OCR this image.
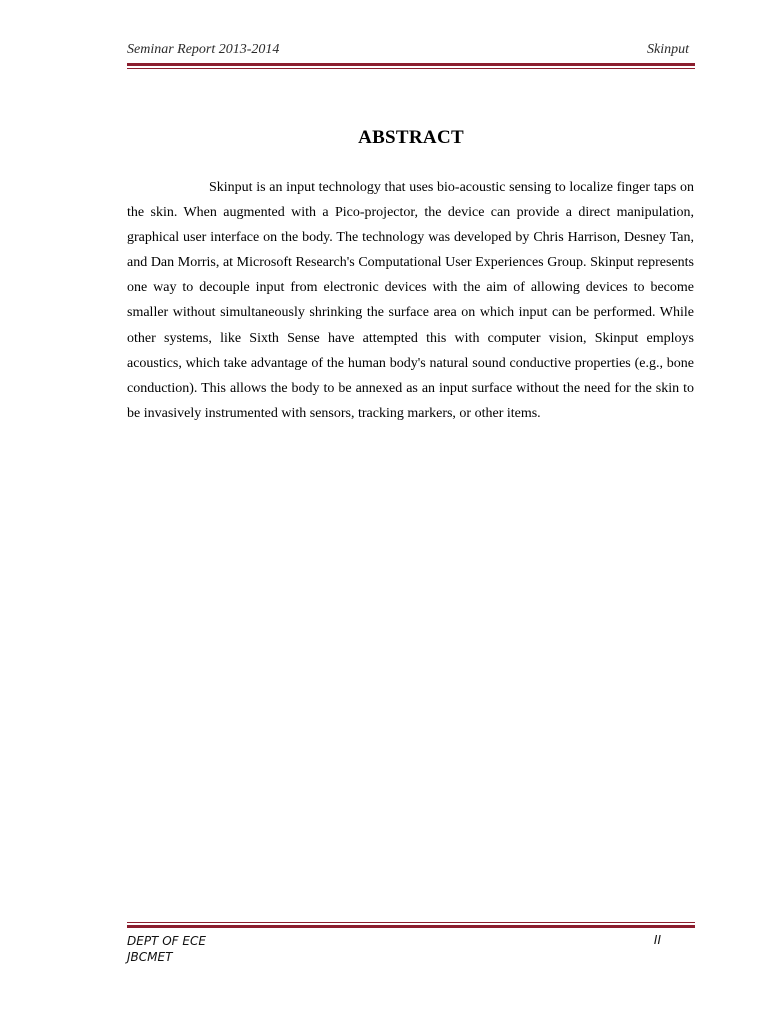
Seminar Report 2013-2014	Skinput
ABSTRACT

Skinput is an input technology that uses bio-acoustic sensing to localize finger taps on the skin. When augmented with a Pico-projector, the device can provide a direct manipulation, graphical user interface on the body. The technology was developed by Chris Harrison, Desney Tan, and Dan Morris, at Microsoft Research's Computational User Experiences Group. Skinput represents one way to decouple input from electronic devices with the aim of allowing devices to become smaller without simultaneously shrinking the surface area on which input can be performed. While other systems, like Sixth Sense have attempted this with computer vision, Skinput employs acoustics, which take advantage of the human body's natural sound conductive properties (e.g., bone conduction). This allows the body to be annexed as an input surface without the need for the skin to be invasively instrumented with sensors, tracking markers, or other items.

DEPT OF ECE
JBCMET
II
